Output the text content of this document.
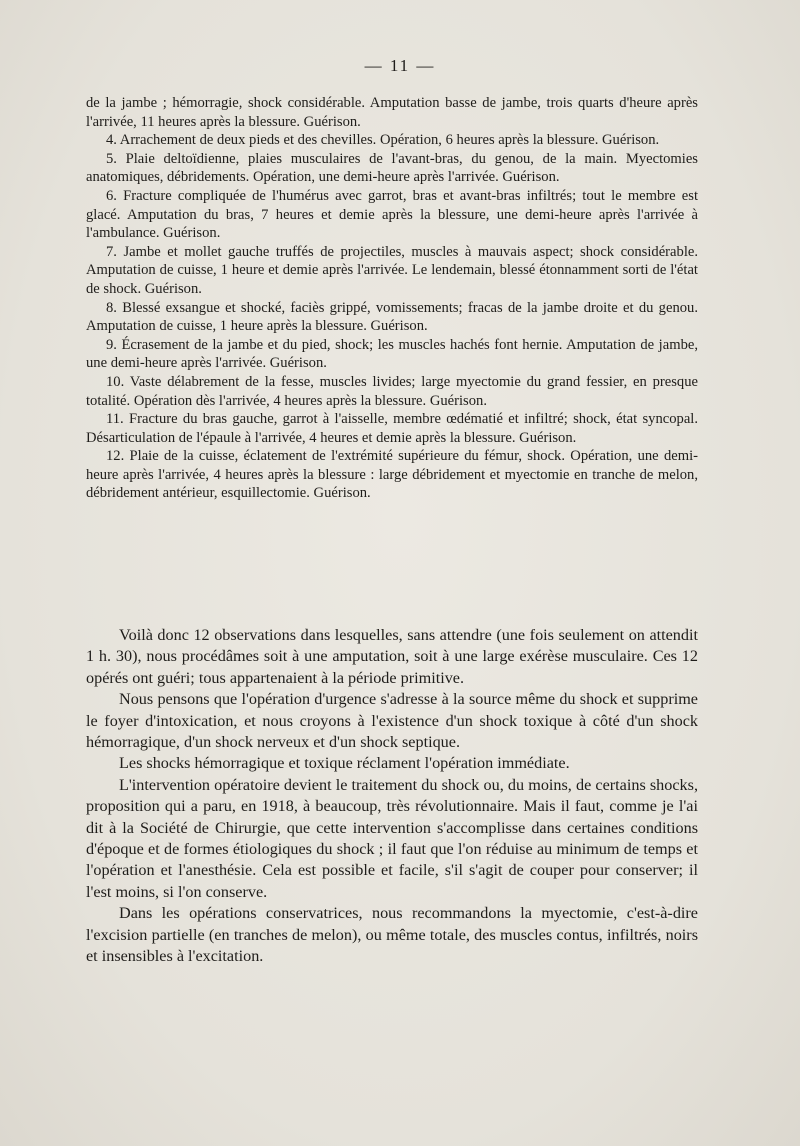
— 11 —

de la jambe ; hémorragie, shock considérable. Amputation basse de jambe, trois quarts d'heure après l'arrivée, 11 heures après la blessure. Guérison.

4. Arrachement de deux pieds et des chevilles. Opération, 6 heures après la blessure. Guérison.

5. Plaie deltoïdienne, plaies musculaires de l'avant-bras, du genou, de la main. Myectomies anatomiques, débridements. Opération, une demi-heure après l'arrivée. Guérison.

6. Fracture compliquée de l'humérus avec garrot, bras et avant-bras infiltrés; tout le membre est glacé. Amputation du bras, 7 heures et demie après la blessure, une demi-heure après l'arrivée à l'ambulance. Guérison.

7. Jambe et mollet gauche truffés de projectiles, muscles à mauvais aspect; shock considérable. Amputation de cuisse, 1 heure et demie après l'arrivée. Le lendemain, blessé étonnamment sorti de l'état de shock. Guérison.

8. Blessé exsangue et shocké, faciès grippé, vomissements; fracas de la jambe droite et du genou. Amputation de cuisse, 1 heure après la blessure. Guérison.

9. Écrasement de la jambe et du pied, shock; les muscles hachés font hernie. Amputation de jambe, une demi-heure après l'arrivée. Guérison.

10. Vaste délabrement de la fesse, muscles livides; large myectomie du grand fessier, en presque totalité. Opération dès l'arrivée, 4 heures après la blessure. Guérison.

11. Fracture du bras gauche, garrot à l'aisselle, membre œdématié et infiltré; shock, état syncopal. Désarticulation de l'épaule à l'arrivée, 4 heures et demie après la blessure. Guérison.

12. Plaie de la cuisse, éclatement de l'extrémité supérieure du fémur, shock. Opération, une demi-heure après l'arrivée, 4 heures après la blessure : large débridement et myectomie en tranche de melon, débridement antérieur, esquillectomie. Guérison.

Voilà donc 12 observations dans lesquelles, sans attendre (une fois seulement on attendit 1 h. 30), nous procédâmes soit à une amputation, soit à une large exérèse musculaire. Ces 12 opérés ont guéri; tous appartenaient à la période primitive.

Nous pensons que l'opération d'urgence s'adresse à la source même du shock et supprime le foyer d'intoxication, et nous croyons à l'existence d'un shock toxique à côté d'un shock hémorragique, d'un shock nerveux et d'un shock septique.

Les shocks hémorragique et toxique réclament l'opération immédiate.

L'intervention opératoire devient le traitement du shock ou, du moins, de certains shocks, proposition qui a paru, en 1918, à beaucoup, très révolutionnaire. Mais il faut, comme je l'ai dit à la Société de Chirurgie, que cette intervention s'accomplisse dans certaines conditions d'époque et de formes étiologiques du shock ; il faut que l'on réduise au minimum de temps et l'opération et l'anesthésie. Cela est possible et facile, s'il s'agit de couper pour conserver; il l'est moins, si l'on conserve.

Dans les opérations conservatrices, nous recommandons la myectomie, c'est-à-dire l'excision partielle (en tranches de melon), ou même totale, des muscles contus, infiltrés, noirs et insensibles à l'excitation.
